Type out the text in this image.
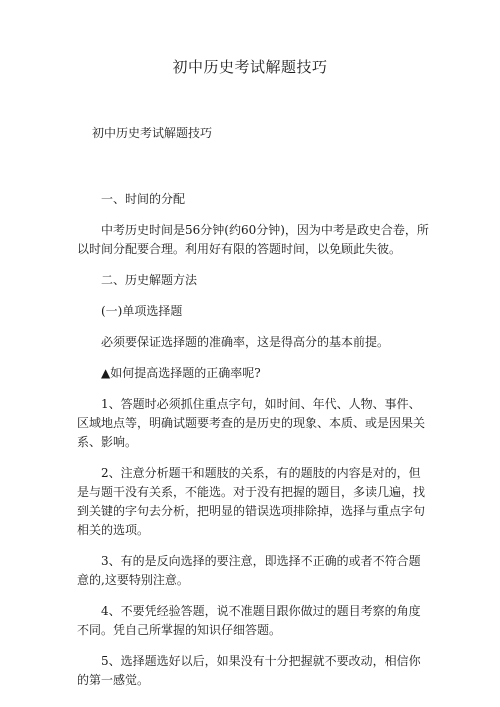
初中历史考试解题技巧
初中历史考试解题技巧

一、时间的分配

中考历史时间是56分钟(约60分钟)，因为中考是政史合卷，所以时间分配要合理。利用好有限的答题时间，以免顾此失彼。

二、历史解题方法

(一)单项选择题

必须要保证选择题的准确率，这是得高分的基本前提。

▲如何提高选择题的正确率呢?

1、答题时必须抓住重点字句，如时间、年代、人物、事件、区域地点等，明确试题要考查的是历史的现象、本质、或是因果关系、影响。

2、注意分析题干和题肢的关系，有的题肢的内容是对的，但是与题干没有关系，不能选。对于没有把握的题目，多读几遍，找到关键的字句去分析，把明显的错误选项排除掉，选择与重点字句相关的选项。

3、有的是反向选择的要注意，即选择不正确的或者不符合题意的,这要特别注意。

4、不要凭经验答题，说不准题目跟你做过的题目考察的角度不同。凭自己所掌握的知识仔细答题。

5、选择题选好以后，如果没有十分把握就不要改动，相信你的第一感觉。
